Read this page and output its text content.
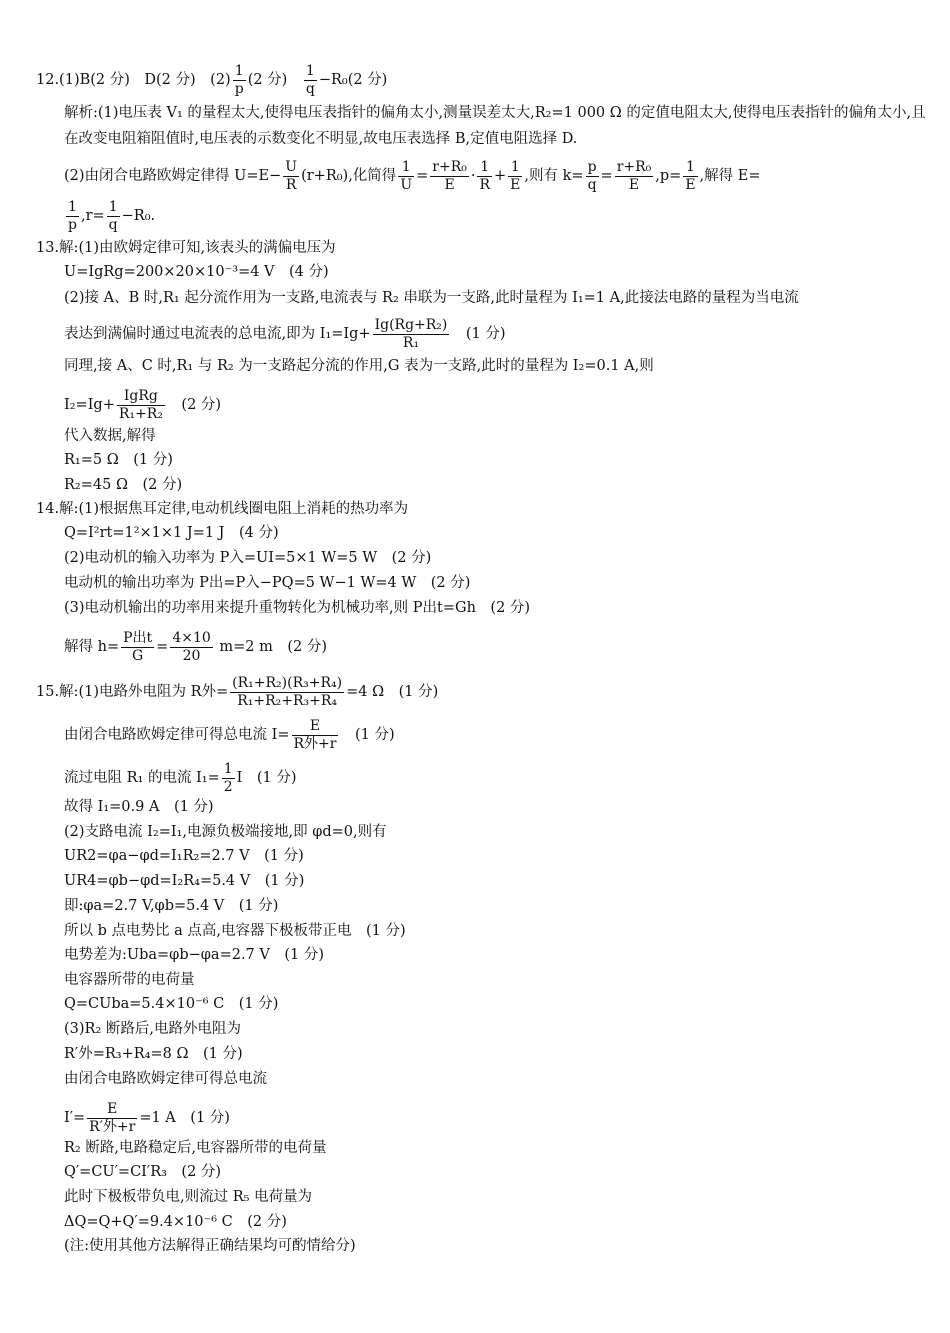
12.(1)B(2 分)　D(2 分)　$(2) \frac{1}{p} (2$ 分)　 $\frac{1}{q} -R_0(2$ 分)
解析:(1)电压表 V₁ 的量程太大,使得电压表指针的偏角太小,测量误差太大,R₂=1 000 Ω 的定值电阻太大,使得电压表指针的偏角太小,且在改变电阻箱阻值时,电压表的示数变化不明显,故电压表选择 B,定值电阻选择 D.
(2)由闭合电路欧姆定律得 $U=E- \frac{U}{R} (r+R_0)$,化简得 $\frac{1}{U} = \frac{\text{r+R₀}}{E} \cdot \frac{1}{R} + \frac{1}{E}$ ,则有 $k= \frac{p}{q} = \frac{\text{r+R₀}}{E} ,p= \frac{1}{E}$ ,解得 E=
$\frac{1}{p} ,r= \frac{1}{q} -R_0$.
13.解:(1)由欧姆定律可知,该表头的满偏电压为
U=IgRg=200×20×10⁻³=4 V　(4 分)
(2)接 A、B 时,R₁ 起分流作用为一支路,电流表与 R₂ 串联为一支路,此时量程为 I₁=1 A,此接法电路的量程为当电流
表达到满偏时通过电流表的总电流,即为 $I_1=Ig+ \frac{\text{Ig(Rg+R₂)}}{\text{R₁}}$ 　(1 分)
同理,接 A、C 时,R₁ 与 R₂ 为一支路起分流的作用,G 表为一支路,此时的量程为 I₂=0.1 A,则
$I_2=Ig+ \frac{\text{IgRg}}{\text{R₁+R₂}}$ 　(2 分)
代入数据,解得
R₁=5 Ω　(1 分)
R₂=45 Ω　(2 分)
14.解:(1)根据焦耳定律,电动机线圈电阻上消耗的热功率为
Q=I²rt=1²×1×1 J=1 J　(4 分)
(2)电动机的输入功率为 P入=UI=5×1 W=5 W　(2 分)
电动机的输出功率为 P出=P入−PQ=5 W−1 W=4 W　(2 分)
(3)电动机输出的功率用来提升重物转化为机械功率,则 P出t=Gh　(2 分)
解得 $h= \frac{\text{P出t}}{G} = \frac{4\times 10}{20} m=2$ m　(2 分)
15.解:(1)电路外电阻为 R外= $\frac{\text{(R₁+R₂)(R₃+R₄)}}{\text{R₁+R₂+R₃+R₄}} =4$ Ω　(1 分)
由闭合电路欧姆定律可得总电流 $I= \frac{E}{\text{R外+r}}$ 　(1 分)
流过电阻 R₁ 的电流 $I_1= \frac{1}{2}$ I　(1 分)
故得 I₁=0.9 A　(1 分)
(2)支路电流 I₂=I₁,电源负极端接地,即 φd=0,则有
UR2=φa−φd=I₁R₂=2.7 V　(1 分)
UR4=φb−φd=I₂R₄=5.4 V　(1 分)
即:φa=2.7 V,φb=5.4 V　(1 分)
所以 b 点电势比 a 点高,电容器下极板带正电　(1 分)
电势差为:Uba=φb−φa=2.7 V　(1 分)
电容器所带的电荷量
Q=CUba=5.4×10⁻⁶ C　(1 分)
(3)R₂ 断路后,电路外电阻为
R′外=R₃+R₄=8 Ω　(1 分)
由闭合电路欧姆定律可得总电流
$I'= \frac{E}{\text{R′外+r}} =1$ A　(1 分)
R₂ 断路,电路稳定后,电容器所带的电荷量
Q′=CU′=CI′R₃　(2 分)
此时下极板带负电,则流过 R₅ 电荷量为
ΔQ=Q+Q′=9.4×10⁻⁶ C　(2 分)
(注:使用其他方法解得正确结果均可酌情给分)
